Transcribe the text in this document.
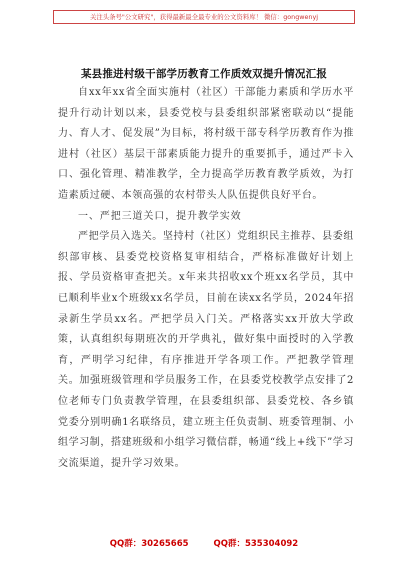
关注头条号"公文研究"，获得最新最全最专业的公文资料库！ 微信：gongwenyj
某县推进村级干部学历教育工作质效双提升情况汇报

自xx年xx省全面实施村（社区）干部能力素质和学历水平提升行动计划以来，县委党校与县委组织部紧密联动以“提能力、育人才、促发展”为目标，将村级干部专科学历教育作为推进村（社区）基层干部素质能力提升的重要抓手，通过严卡入口、强化管理、精准教学，全力提高学历教育教学质效，为打造素质过硬、本领高强的农村带头人队伍提供良好平台。

一、严把三道关口，提升教学实效

严把学员入选关。坚持村（社区）党组织民主推荐、县委组织部审核、县委党校资格复审相结合，严格标准做好计划上报、学员资格审查把关。x年来共招收xx个班xx名学员，其中已顺利毕业x个班级xx名学员，目前在读xx名学员，2024年招录新生学员xx名。严把学员入门关。严格落实xx开放大学政策，认真组织每期班次的开学典礼，做好集中面授时的入学教育，严明学习纪律，有序推进开学各项工作。严把教学管理关。加强班级管理和学员服务工作，在县委党校教学点安排了2位老师专门负责教学管理，在县委组织部、县委党校、各乡镇党委分别明确1名联络员，建立班主任负责制、班委管理制、小组学习制，搭建班级和小组学习微信群，畅通“线上+线下”学习交流渠道，提升学习效果。

QQ群：30265665	QQ群：535304092
